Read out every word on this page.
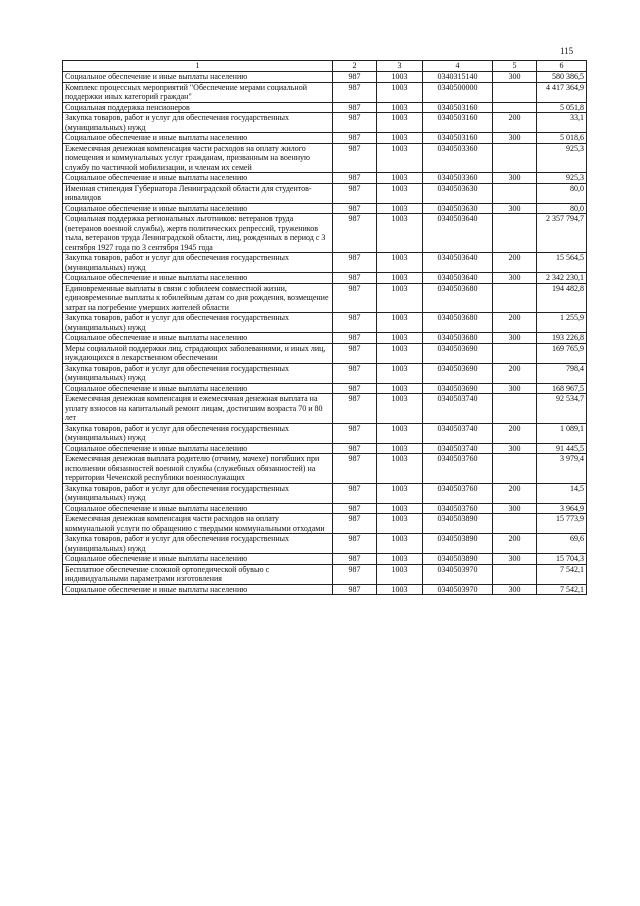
115
1	2	3	4	5	6
Социальное обеспечение и иные выплаты населению	987	1003	0340315140	300	580 386,5
Комплекс процессных мероприятий "Обеспечение мерами социальной поддержки иных категорий граждан"	987	1003	0340500000		4 417 364,9
Социальная поддержка пенсионеров	987	1003	0340503160		5 051,8
Закупка товаров, работ и услуг для обеспечения государственных (муниципальных) нужд	987	1003	0340503160	200	33,1
Социальное обеспечение и иные выплаты населению	987	1003	0340503160	300	5 018,6
Ежемесячная денежная компенсация части расходов на оплату жилого помещения и коммунальных услуг гражданам, призванным на военную службу по частичной мобилизации, и членам их семей	987	1003	0340503360		925,3
Социальное обеспечение и иные выплаты населению	987	1003	0340503360	300	925,3
Именная стипендия Губернатора Ленинградской области для студентов-инвалидов	987	1003	0340503630		80,0
Социальное обеспечение и иные выплаты населению	987	1003	0340503630	300	80,0
Социальная поддержка региональных льготников: ветеранов труда (ветеранов военной службы), жертв политических репрессий, тружеников тыла, ветеранов труда Ленинградской области, лиц, рожденных в период с 3 сентября 1927 года по 3 сентября 1945 года	987	1003	0340503640		2 357 794,7
Закупка товаров, работ и услуг для обеспечения государственных (муниципальных) нужд	987	1003	0340503640	200	15 564,5
Социальное обеспечение и иные выплаты населению	987	1003	0340503640	300	2 342 230,1
Единовременные выплаты в связи с юбилеем совместной жизни, единовременные выплаты к юбилейным датам со дня рождения, возмещение затрат на погребение умерших жителей области	987	1003	0340503680		194 482,8
Закупка товаров, работ и услуг для обеспечения государственных (муниципальных) нужд	987	1003	0340503680	200	1 255,9
Социальное обеспечение и иные выплаты населению	987	1003	0340503680	300	193 226,8
Меры социальной поддержки лиц, страдающих заболеваниями, и иных лиц, нуждающихся в лекарственном обеспечении	987	1003	0340503690		169 765,9
Закупка товаров, работ и услуг для обеспечения государственных (муниципальных) нужд	987	1003	0340503690	200	798,4
Социальное обеспечение и иные выплаты населению	987	1003	0340503690	300	168 967,5
Ежемесячная денежная компенсация и ежемесячная денежная выплата на уплату взносов на капитальный ремонт лицам, достигшим возраста 70 и 80 лет	987	1003	0340503740		92 534,7
Закупка товаров, работ и услуг для обеспечения государственных (муниципальных) нужд	987	1003	0340503740	200	1 089,1
Социальное обеспечение и иные выплаты населению	987	1003	0340503740	300	91 445,5
Ежемесячная денежная выплата родителю (отчиму, мачехе) погибших при исполнении обязанностей военной службы (служебных обязанностей) на территории Чеченской республики военнослужащих	987	1003	0340503760		3 979,4
Закупка товаров, работ и услуг для обеспечения государственных (муниципальных) нужд	987	1003	0340503760	200	14,5
Социальное обеспечение и иные выплаты населению	987	1003	0340503760	300	3 964,9
Ежемесячная денежная компенсация части расходов на оплату коммунальной услуги по обращению с твердыми коммунальными отходами	987	1003	0340503890		15 773,9
Закупка товаров, работ и услуг для обеспечения государственных (муниципальных) нужд	987	1003	0340503890	200	69,6
Социальное обеспечение и иные выплаты населению	987	1003	0340503890	300	15 704,3
Бесплатное обеспечение сложной ортопедической обувью с индивидуальными параметрами изготовления	987	1003	0340503970		7 542,1
Социальное обеспечение и иные выплаты населению	987	1003	0340503970	300	7 542,1
